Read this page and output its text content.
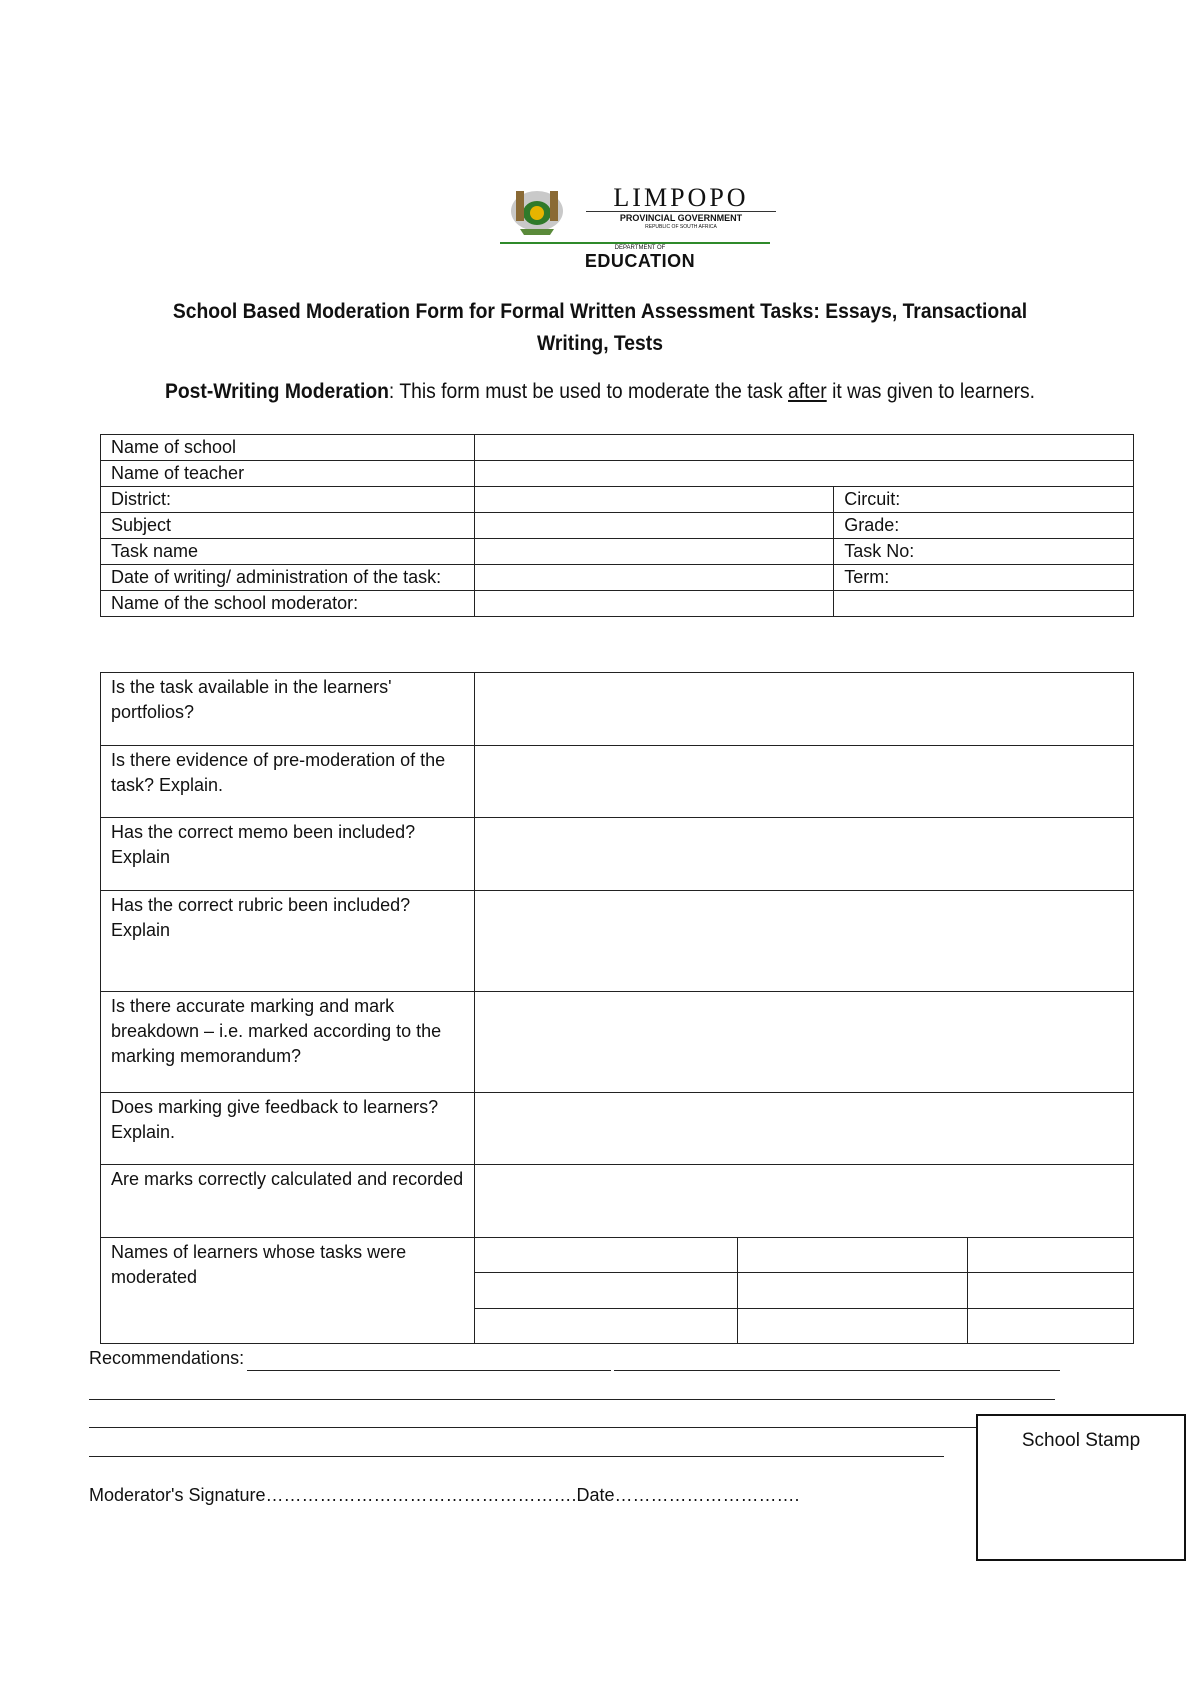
LIMPOPO
PROVINCIAL GOVERNMENT
REPUBLIC OF SOUTH AFRICA
DEPARTMENT OF
EDUCATION
School Based Moderation Form for Formal Written Assessment Tasks: Essays, Transactional
Writing, Tests
Post-Writing Moderation: This form must be used to moderate the task after it was given to learners.
Name of school		
Name of teacher		
District:		Circuit:
Subject		Grade:
Task name		Task No:
Date of writing/ administration of the task:		Term:
Name of the school moderator:		
Is the task available in the learners' portfolios?			
Is there evidence of pre-moderation of the task? Explain.			
Has the correct memo been included? Explain			
Has the correct rubric been included? Explain			
Is there accurate marking and mark breakdown – i.e. marked according to the marking memorandum?			
Does marking give feedback to learners? Explain.			
Are marks correctly calculated and recorded			
Names of learners whose tasks were moderated			

Recommendations:
Moderator's Signature…………………………………………….Date………………………….
School Stamp
